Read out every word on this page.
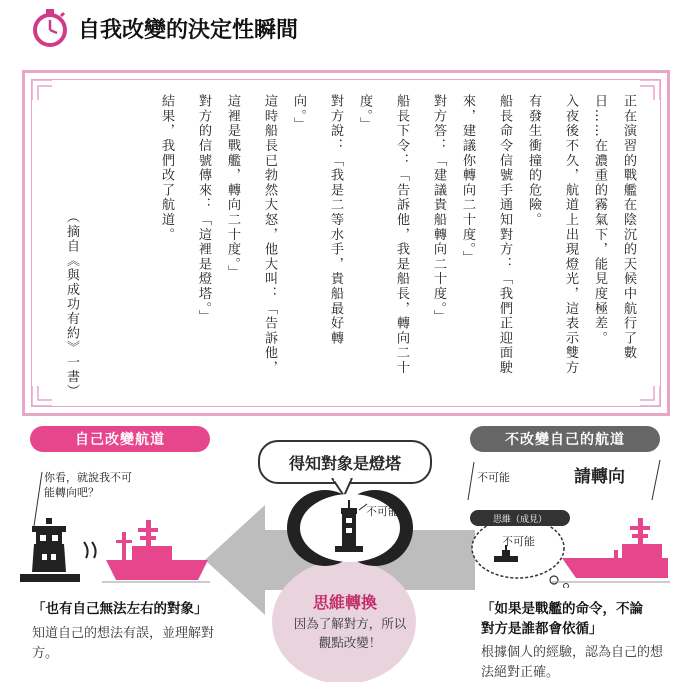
自我改變的決定性瞬間
正在演習的戰艦在陰沉的天候中航行了數
日……在濃重的霧氣下，能見度極差。
入夜後不久，航道上出現燈光，這表示雙方
有發生衝撞的危險。
船長命令信號手通知對方：「我們正迎面駛
來，建議你轉向二十度。」
對方答：「建議貴船轉向二十度。」
船長下令：「告訴他，我是船長，轉向二十
度。」
對方說：「我是二等水手，貴船最好轉
向。」
這時船長已勃然大怒，他大叫：「告訴他，
這裡是戰艦，轉向二十度。」
對方的信號傳來：「這裡是燈塔。」
結果，我們改了航道。
（摘自《與成功有約》一書）
自己改變航道	不改變自己的航道
得知對象是燈塔
不可能
思維轉換
因為了解對方，所以觀點改變！
你看，就說我不可能轉向吧？
「也有自己無法左右的對象」
知道自己的想法有誤，並理解對方。
不可能	請轉向
思維（成見）
不可能
「如果是戰艦的命令，不論
對方是誰都會依循」
根據個人的經驗，認為自己的想法絕對正確。
